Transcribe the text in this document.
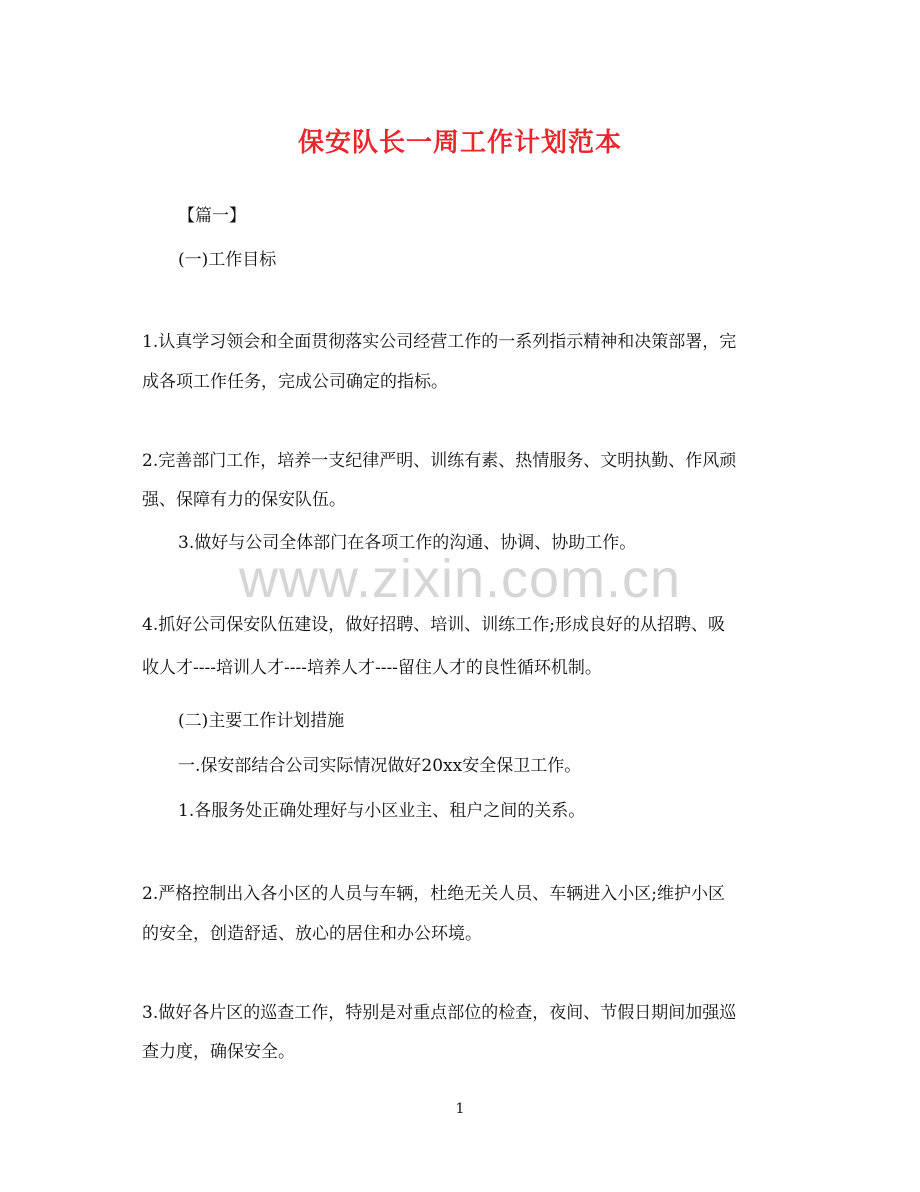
保安队长一周工作计划范本
【篇一】
(一)工作目标
1.认真学习领会和全面贯彻落实公司经营工作的一系列指示精神和决策部署，完
成各项工作任务，完成公司确定的指标。
2.完善部门工作，培养一支纪律严明、训练有素、热情服务、文明执勤、作风顽
强、保障有力的保安队伍。
3.做好与公司全体部门在各项工作的沟通、协调、协助工作。
4.抓好公司保安队伍建设，做好招聘、培训、训练工作;形成良好的从招聘、吸
收人才----培训人才----培养人才----留住人才的良性循环机制。
(二)主要工作计划措施
一.保安部结合公司实际情况做好20xx安全保卫工作。
1.各服务处正确处理好与小区业主、租户之间的关系。
2.严格控制出入各小区的人员与车辆，杜绝无关人员、车辆进入小区;维护小区
的安全，创造舒适、放心的居住和办公环境。
3.做好各片区的巡查工作，特别是对重点部位的检查，夜间、节假日期间加强巡
查力度，确保安全。
www.zixin.com.cn
1
